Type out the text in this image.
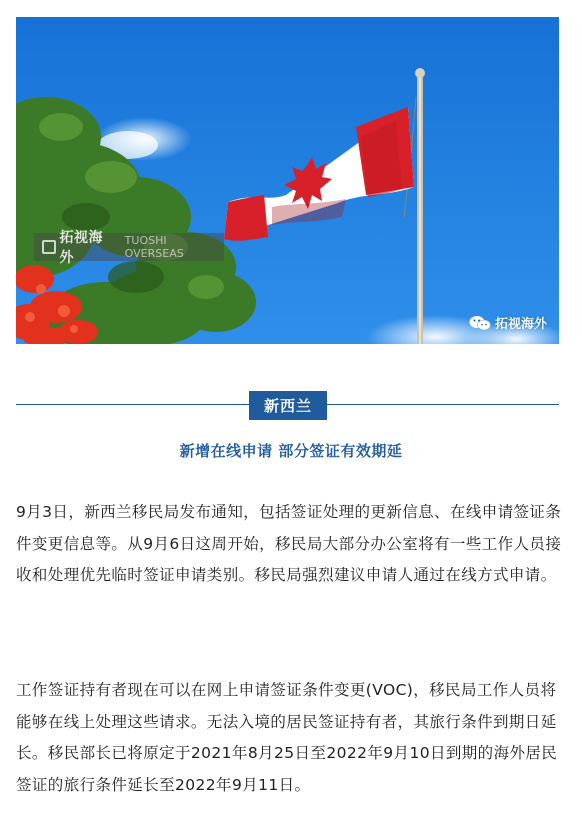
拓视海外
TUOSHI OVERSEAS
拓视海外
新西兰
新增在线申请 部分签证有效期延

9月3日，新西兰移民局发布通知，包括签证处理的更新信息、在线申请签证条件变更信息等。从9月6日这周开始，移民局大部分办公室将有一些工作人员接收和处理优先临时签证申请类别。移民局强烈建议申请人通过在线方式申请。

工作签证持有者现在可以在网上申请签证条件变更(VOC)，移民局工作人员将能够在线上处理这些请求。无法入境的居民签证持有者，其旅行条件到期日延长。移民部长已将原定于2021年8月25日至2022年9月10日到期的海外居民签证的旅行条件延长至2022年9月11日。
